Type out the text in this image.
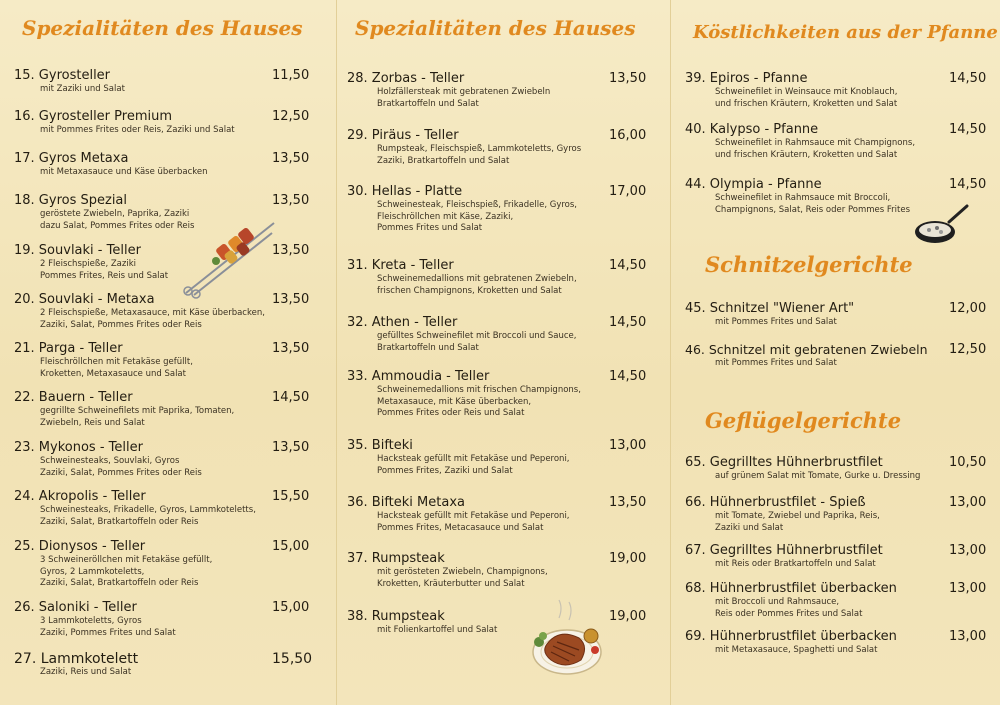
Spezialitäten des Hauses
15. Gyrosteller	11,50
mit Zaziki und Salat
16. Gyrosteller Premium	12,50
mit Pommes Frites oder Reis, Zaziki und Salat
17. Gyros Metaxa	13,50
mit Metaxasauce und Käse überbacken
18. Gyros Spezial	13,50
geröstete Zwiebeln, Paprika, Zaziki
dazu Salat, Pommes Frites oder Reis
19. Souvlaki - Teller	13,50
2 Fleischspieße, Zaziki
Pommes Frites, Reis und Salat
20. Souvlaki - Metaxa	13,50
2 Fleischspieße, Metaxasauce, mit Käse überbacken,
Zaziki, Salat, Pommes Frites oder Reis
21. Parga - Teller	13,50
Fleischröllchen mit Fetakäse gefüllt,
Kroketten, Metaxasauce und Salat
22. Bauern - Teller	14,50
gegrillte Schweinefilets mit Paprika, Tomaten,
Zwiebeln, Reis und Salat
23. Mykonos - Teller	13,50
Schweinesteaks, Souvlaki, Gyros
Zaziki, Salat, Pommes Frites oder Reis
24. Akropolis - Teller	15,50
Schweinesteaks, Frikadelle, Gyros, Lammkoteletts,
Zaziki, Salat, Bratkartoffeln oder Reis
25. Dionysos - Teller	15,00
3 Schweineröllchen mit Fetakäse gefüllt,
Gyros, 2 Lammkoteletts,
Zaziki, Salat, Bratkartoffeln oder Reis
26. Saloniki - Teller	15,00
3 Lammkoteletts, Gyros
Zaziki, Pommes Frites und Salat
27. Lammkotelett	15,50
Zaziki, Reis und Salat
Spezialitäten des Hauses
28. Zorbas - Teller	13,50
Holzfällersteak mit gebratenen Zwiebeln
Bratkartoffeln und Salat
29. Piräus - Teller	16,00
Rumpsteak, Fleischspieß, Lammkoteletts, Gyros
Zaziki, Bratkartoffeln und Salat
30. Hellas - Platte	17,00
Schweinesteak, Fleischspieß, Frikadelle, Gyros,
Fleischröllchen mit Käse, Zaziki,
Pommes Frites und Salat
31. Kreta - Teller	14,50
Schweinemedallions mit gebratenen Zwiebeln,
frischen Champignons, Kroketten und Salat
32. Athen - Teller	14,50
gefülltes Schweinefilet mit Broccoli und Sauce,
Bratkartoffeln und Salat
33. Ammoudia - Teller	14,50
Schweinemedallions mit frischen Champignons,
Metaxasauce, mit Käse überbacken,
Pommes Frites oder Reis und Salat
35. Bifteki	13,00
Hacksteak gefüllt mit Fetakäse und Peperoni,
Pommes Frites, Zaziki und Salat
36. Bifteki Metaxa	13,50
Hacksteak gefüllt mit Fetakäse und Peperoni,
Pommes Frites, Metacasauce und Salat
37. Rumpsteak	19,00
mit gerösteten Zwiebeln, Champignons,
Kroketten, Kräuterbutter und Salat
38. Rumpsteak	19,00
mit Folienkartoffel und Salat
Köstlichkeiten aus der Pfanne
39. Epiros - Pfanne	14,50
Schweinefilet in Weinsauce mit Knoblauch,
und frischen Kräutern, Kroketten und Salat
40. Kalypso - Pfanne	14,50
Schweinefilet in Rahmsauce mit Champignons,
und frischen Kräutern, Kroketten und Salat
44. Olympia - Pfanne	14,50
Schweinefilet in Rahmsauce mit Broccoli,
Champignons, Salat, Reis oder Pommes Frites
Schnitzelgerichte
45. Schnitzel "Wiener Art"	12,00
mit Pommes Frites und Salat
46. Schnitzel mit gebratenen Zwiebeln	12,50
mit Pommes Frites und Salat
Geflügelgerichte
65. Gegrilltes Hühnerbrustfilet	10,50
auf grünem Salat mit Tomate, Gurke u. Dressing
66. Hühnerbrustfilet - Spieß	13,00
mit Tomate, Zwiebel und Paprika, Reis,
Zaziki und Salat
67. Gegrilltes Hühnerbrustfilet	13,00
mit Reis oder Bratkartoffeln und Salat
68. Hühnerbrustfilet überbacken	13,00
mit Broccoli und Rahmsauce,
Reis oder Pommes Frites und Salat
69. Hühnerbrustfilet überbacken	13,00
mit Metaxasauce, Spaghetti und Salat
